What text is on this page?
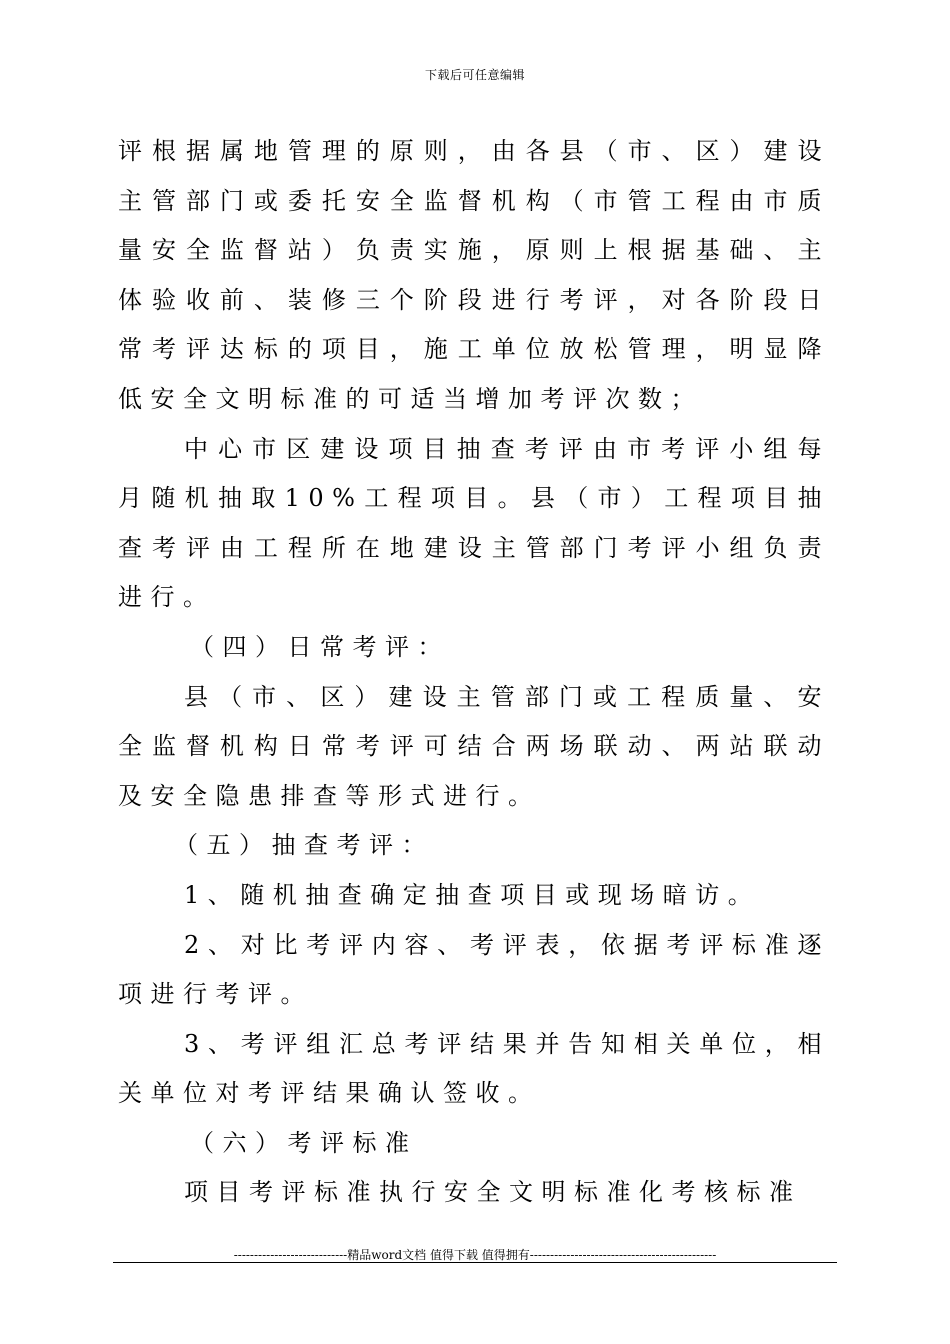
下载后可任意编辑

评根据属地管理的原则，由各县（市、区）建设主管部门或委托安全监督机构（市管工程由市质量安全监督站）负责实施，原则上根据基础、主体验收前、装修三个阶段进行考评，对各阶段日常考评达标的项目，施工单位放松管理，明显降低安全文明标准的可适当增加考评次数；

中心市区建设项目抽查考评由市考评小组每月随机抽取10%工程项目。县（市）工程项目抽查考评由工程所在地建设主管部门考评小组负责进行。

（四）日常考评：

县（市、区）建设主管部门或工程质量、安全监督机构日常考评可结合两场联动、两站联动及安全隐患排查等形式进行。

（五）抽查考评：

1、随机抽查确定抽查项目或现场暗访。

2、对比考评内容、考评表，依据考评标准逐项进行考评。

3、考评组汇总考评结果并告知相关单位，相关单位对考评结果确认签收。

（六）考评标准

项目考评标准执行安全文明标准化考核标准

----------------------------精品word文档 值得下载 值得拥有----------------------------------------------
